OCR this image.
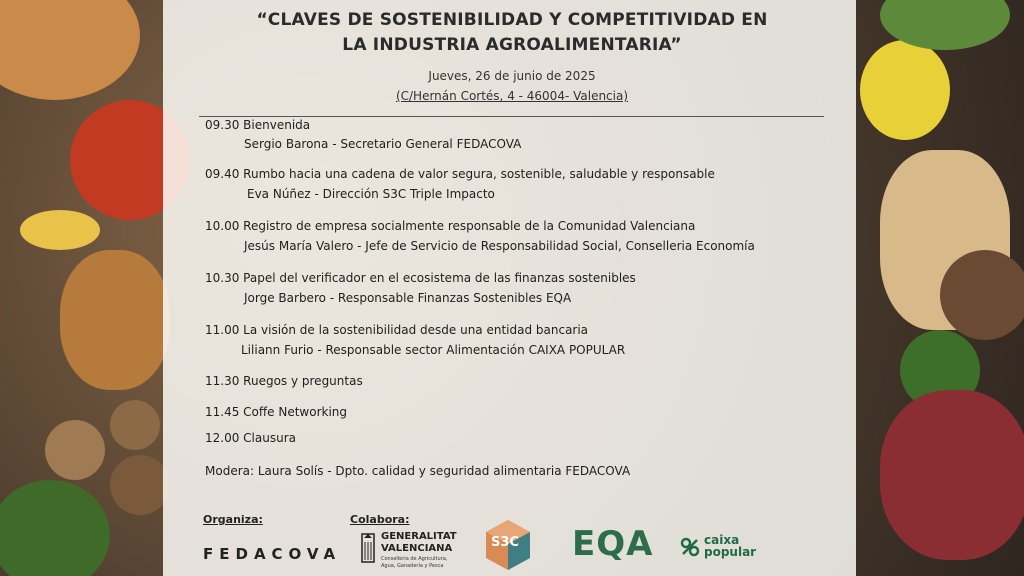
“CLAVES DE SOSTENIBILIDAD Y COMPETITIVIDAD EN
LA INDUSTRIA AGROALIMENTARIA”
Jueves, 26 de junio de 2025
(C/Hernán Cortés, 4 - 46004- Valencia)
09.30 Bienvenida
Sergio Barona - Secretario General FEDACOVA
09.40 Rumbo hacia una cadena de valor segura, sostenible, saludable y responsable
Eva Núñez - Dirección S3C Triple Impacto
10.00 Registro de empresa socialmente responsable de la Comunidad Valenciana
Jesús María Valero - Jefe de Servicio de Responsabilidad Social, Conselleria Economía
10.30 Papel del verificador en el ecosistema de las finanzas sostenibles
Jorge Barbero - Responsable Finanzas Sostenibles EQA
11.00 La visión de la sostenibilidad desde una entidad bancaria
Liliann Furio - Responsable sector Alimentación CAIXA POPULAR
11.30 Ruegos y preguntas
11.45 Coffe Networking
12.00 Clausura
Modera: Laura Solís - Dpto. calidad y seguridad alimentaria FEDACOVA
Organiza:	Colabora:
FEDACOVA
GENERALITAT
VALENCIANA
Conselleria de Agricultura,
Agua, Ganadería y Pesca
S3C EQA	caixa
popular
